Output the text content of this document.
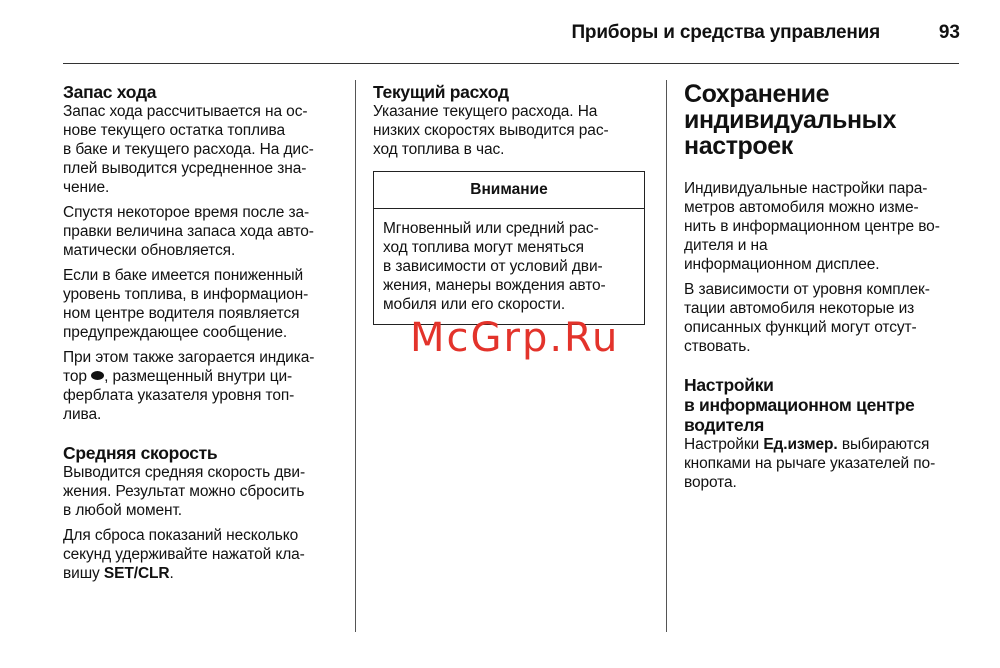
Приборы и средства управления	93
Запас хода

Запас хода рассчитывается на ос-
нове текущего остатка топлива
в баке и текущего расхода. На дис-
плей выводится усредненное зна-
чение.

Спустя некоторое время после за-
правки величина запаса хода авто-
матически обновляется.

Если в баке имеется пониженный
уровень топлива, в информацион-
ном центре водителя появляется
предупреждающее сообщение.

При этом также загорается индика-
тор , размещенный внутри ци-
ферблата указателя уровня топ-
лива.

Средняя скорость

Выводится средняя скорость дви-
жения. Результат можно сбросить
в любой момент.

Для сброса показаний несколько
секунд удерживайте нажатой кла-
вишу SET/CLR.

Текущий расход

Указание текущего расхода. На
низких скоростях выводится рас-
ход топлива в час.

Внимание
Мгновенный или средний рас-
ход топлива могут меняться
в зависимости от условий дви-
жения, манеры вождения авто-
мобиля или его скорости.
Сохранение
индивидуальных
настроек

Индивидуальные настройки пара-
метров автомобиля можно изме-
нить в информационном центре во-
дителя и на
информационном дисплее.

В зависимости от уровня комплек-
тации автомобиля некоторые из
описанных функций могут отсут-
ствовать.

Настройки
в информационном центре
водителя

Настройки Ед.измер. выбираются
кнопками на рычаге указателей по-
ворота.

McGrp.Ru
